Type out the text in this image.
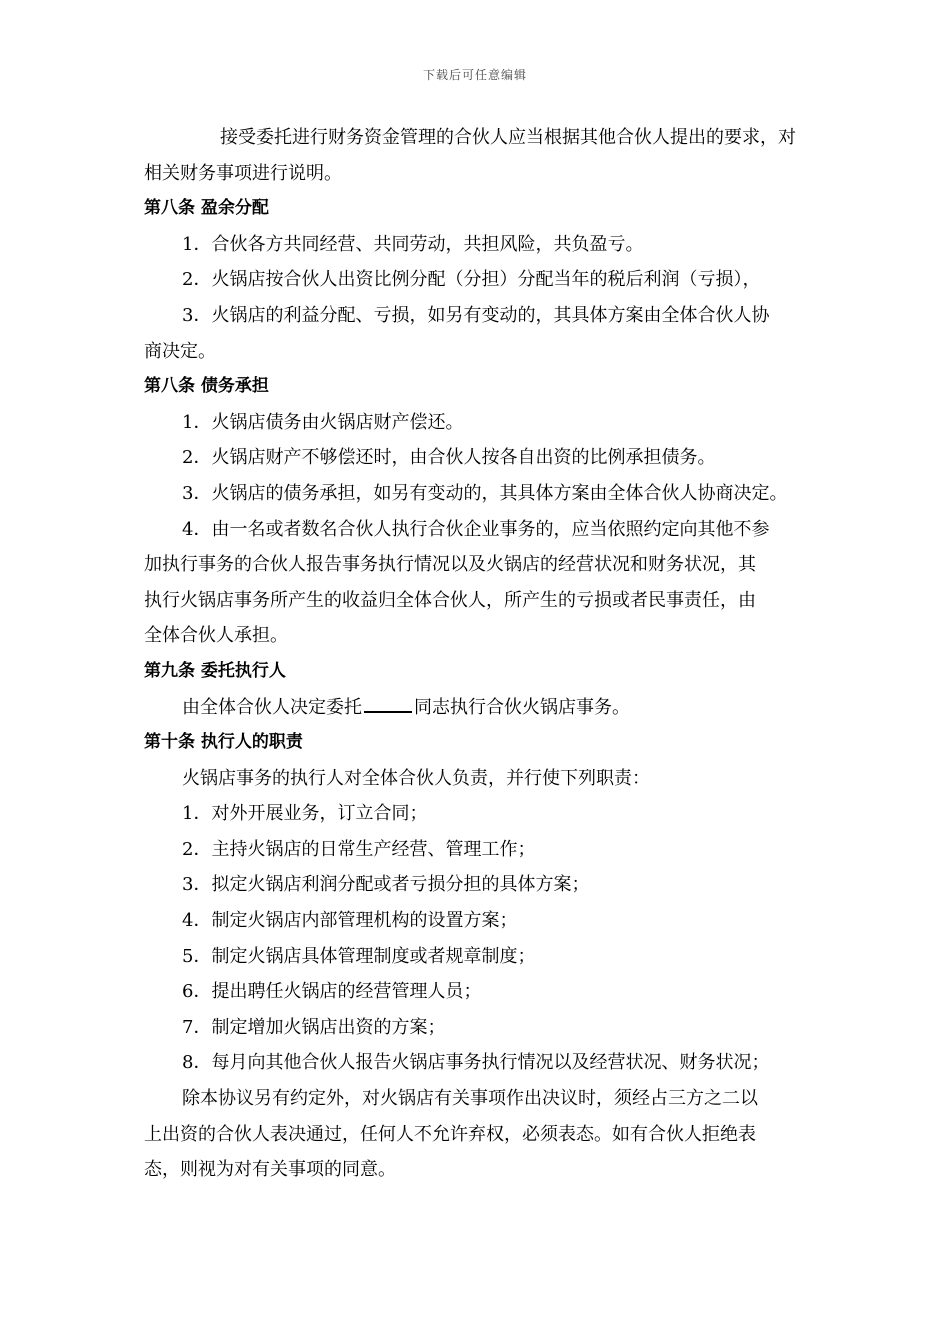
下载后可任意编辑
接受委托进行财务资金管理的合伙人应当根据其他合伙人提出的要求，对
相关财务事项进行说明。
第八条 盈余分配
1．合伙各方共同经营、共同劳动，共担风险，共负盈亏。
2．火锅店按合伙人出资比例分配（分担）分配当年的税后利润（亏损），
3．火锅店的利益分配、亏损，如另有变动的，其具体方案由全体合伙人协
商决定。
第八条 债务承担
1．火锅店债务由火锅店财产偿还。
2．火锅店财产不够偿还时，由合伙人按各自出资的比例承担债务。
3．火锅店的债务承担，如另有变动的，其具体方案由全体合伙人协商决定。
4．由一名或者数名合伙人执行合伙企业事务的，应当依照约定向其他不参
加执行事务的合伙人报告事务执行情况以及火锅店的经营状况和财务状况，其
执行火锅店事务所产生的收益归全体合伙人，所产生的亏损或者民事责任，由
全体合伙人承担。
第九条 委托执行人
由全体合伙人决定委托	同志执行合伙火锅店事务。
第十条 执行人的职责
火锅店事务的执行人对全体合伙人负责，并行使下列职责：
1．对外开展业务，订立合同；
2．主持火锅店的日常生产经营、管理工作；
3．拟定火锅店利润分配或者亏损分担的具体方案；
4．制定火锅店内部管理机构的设置方案；
5．制定火锅店具体管理制度或者规章制度；
6．提出聘任火锅店的经营管理人员；
7．制定增加火锅店出资的方案；
8．每月向其他合伙人报告火锅店事务执行情况以及经营状况、财务状况；
除本协议另有约定外，对火锅店有关事项作出决议时，须经占三方之二以
上出资的合伙人表决通过，任何人不允许弃权，必须表态。如有合伙人拒绝表
态，则视为对有关事项的同意。
